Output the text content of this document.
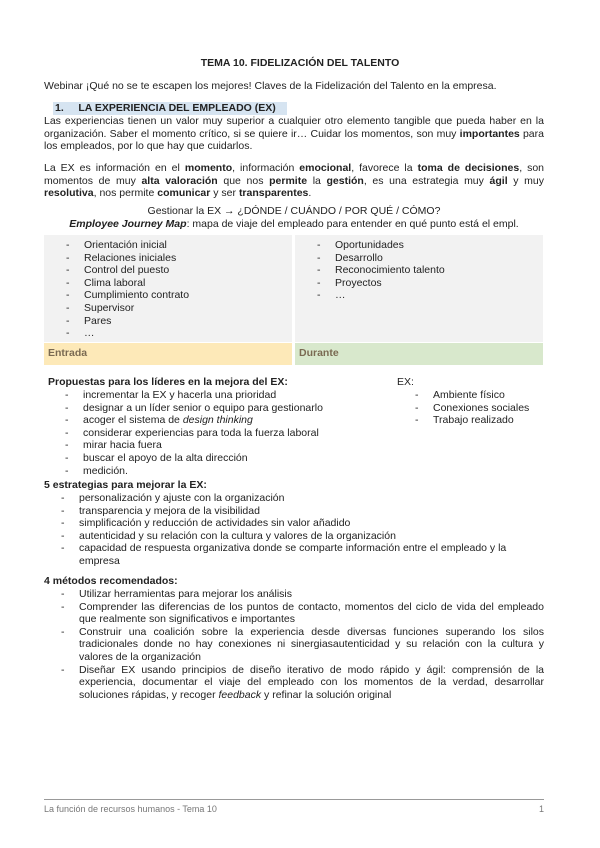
TEMA 10. FIDELIZACIÓN DEL TALENTO
Webinar ¡Qué no se te escapen los mejores! Claves de la Fidelización del Talento en la empresa.
1. LA EXPERIENCIA DEL EMPLEADO (EX)
Las experiencias tienen un valor muy superior a cualquier otro elemento tangible que pueda haber en la organización. Saber el momento crítico, si se quiere ir… Cuidar los momentos, son muy importantes para los empleados, por lo que hay que cuidarlos.
La EX es información en el momento, información emocional, favorece la toma de decisiones, son momentos de muy alta valoración que nos permite la gestión, es una estrategia muy ágil y muy resolutiva, nos permite comunicar y ser transparentes.
Gestionar la EX → ¿DÓNDE / CUÁNDO / POR QUÉ / CÓMO?
Employee Journey Map: mapa de viaje del empleado para entender en qué punto está el empl.
- Orientación inicial
- Relaciones iniciales
- Control del puesto
- Clima laboral
- Cumplimiento contrato
- Supervisor
- Pares
- …
- Oportunidades
- Desarrollo
- Reconocimiento talento
- Proyectos
- …
Entrada	Durante
Propuestas para los líderes en la mejora del EX:
- incrementar la EX y hacerla una prioridad
- designar a un líder senior o equipo para gestionarlo
- acoger el sistema de design thinking
- considerar experiencias para toda la fuerza laboral
- mirar hacia fuera
- buscar el apoyo de la alta dirección
- medición.
EX:
- Ambiente físico
- Conexiones sociales
- Trabajo realizado
5 estrategias para mejorar la EX:
- personalización y ajuste con la organización
- transparencia y mejora de la visibilidad
- simplificación y reducción de actividades sin valor añadido
- autenticidad y su relación con la cultura y valores de la organización
- capacidad de respuesta organizativa donde se comparte información entre el empleado y la empresa
4 métodos recomendados:
- Utilizar herramientas para mejorar los análisis
- Comprender las diferencias de los puntos de contacto, momentos del ciclo de vida del empleado que realmente son significativos e importantes
- Construir una coalición sobre la experiencia desde diversas funciones superando los silos tradicionales donde no hay conexiones ni sinergiasautenticidad y su relación con la cultura y valores de la organización
- Diseñar EX usando principios de diseño iterativo de modo rápido y ágil: comprensión de la experiencia, documentar el viaje del empleado con los momentos de la verdad, desarrollar soluciones rápidas, y recoger feedback y refinar la solución original
La función de recursos humanos - Tema 10	1
